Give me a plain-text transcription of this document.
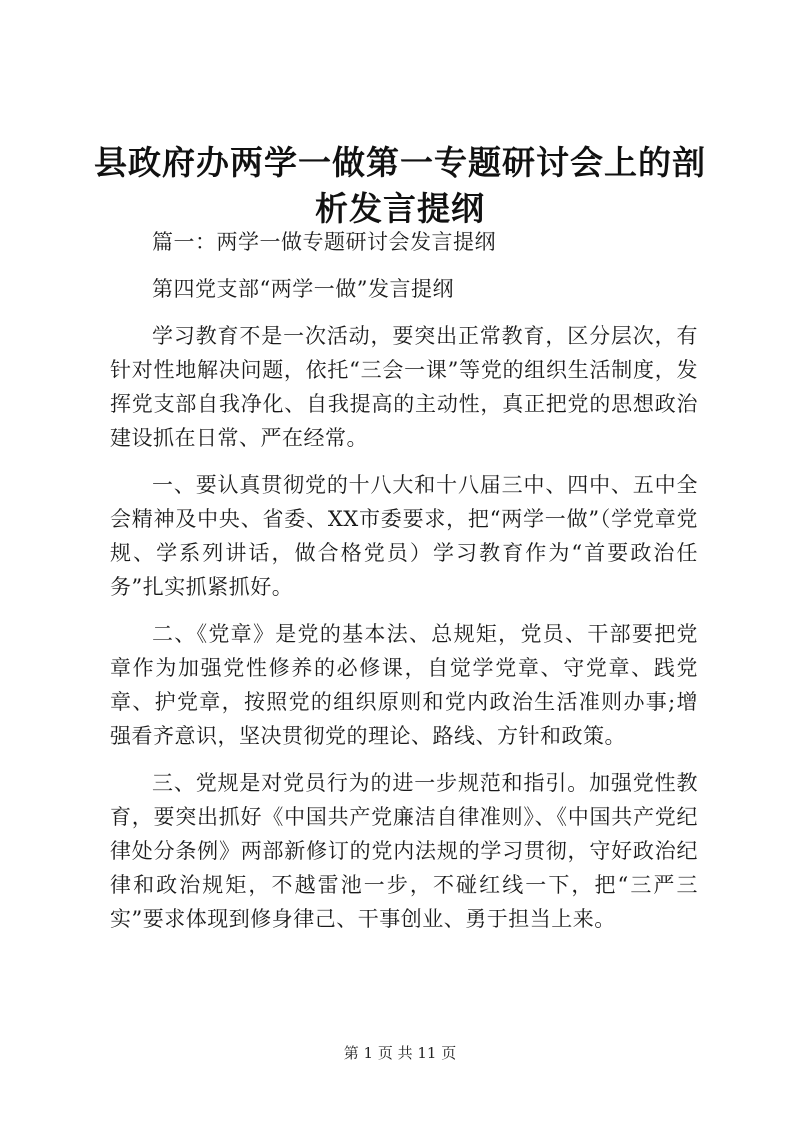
县政府办两学一做第一专题研讨会上的剖析发言提纲

篇一：两学一做专题研讨会发言提纲

第四党支部“两学一做”发言提纲

学习教育不是一次活动，要突出正常教育，区分层次，有针对性地解决问题，依托“三会一课”等党的组织生活制度，发挥党支部自我净化、自我提高的主动性，真正把党的思想政治建设抓在日常、严在经常。

一、要认真贯彻党的十八大和十八届三中、四中、五中全会精神及中央、省委、XX市委要求，把“两学一做”（学党章党规、学系列讲话，做合格党员）学习教育作为“首要政治任务”扎实抓紧抓好。

二、《党章》是党的基本法、总规矩，党员、干部要把党章作为加强党性修养的必修课，自觉学党章、守党章、践党章、护党章，按照党的组织原则和党内政治生活准则办事;增强看齐意识，坚决贯彻党的理论、路线、方针和政策。

三、党规是对党员行为的进一步规范和指引。加强党性教育，要突出抓好《中国共产党廉洁自律准则》、《中国共产党纪律处分条例》两部新修订的党内法规的学习贯彻，守好政治纪律和政治规矩，不越雷池一步，不碰红线一下，把“三严三实”要求体现到修身律己、干事创业、勇于担当上来。

第 1 页 共 11 页
